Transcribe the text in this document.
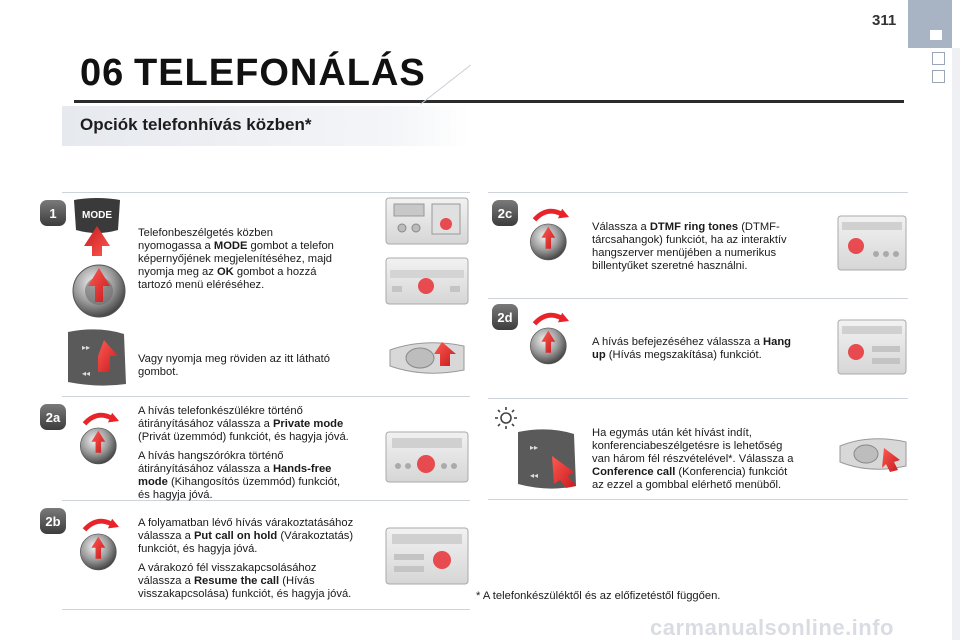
311
06 TELEFONÁLÁS
Opciók telefonhívás közben*
1	MODE
Telefonbeszélgetés közben
nyomogassa a MODE gombot a telefon
képernyőjének megjelenítéséhez, majd
nyomja meg az OK gombot a hozzá
tartozó menü eléréséhez.
▸▸
◂◂
Vagy nyomja meg röviden az itt látható
gombot.
2a	A hívás telefonkészülékre történő
átirányításához válassza a Private mode
(Privát üzemmód) funkciót, és hagyja jóvá.
A hívás hangszórókra történő
átirányításához válassza a Hands-free
mode (Kihangosítós üzemmód) funkciót,
és hagyja jóvá.
2b	A folyamatban lévő hívás várakoztatásához
válassza a Put call on hold (Várakoztatás)
funkciót, és hagyja jóvá.
A várakozó fél visszakapcsolásához
válassza a Resume the call (Hívás
visszakapcsolása) funkciót, és hagyja jóvá.
2c
Válassza a DTMF ring tones (DTMF-
tárcsahangok) funkciót, ha az interaktív
hangszerver menüjében a numerikus
billentyűket szeretné használni.
2d
A hívás befejezéséhez válassza a Hang
up (Hívás megszakítása) funkciót.
▸▸
◂◂
Ha egymás után két hívást indít,
konferenciabeszélgetésre is lehetőség
van három fél részvételével*. Válassza a
Conference call (Konferencia) funkciót
az ezzel a gombbal elérhető menüből.
* A telefonkészüléktől és az előfizetéstől függően.
carmanualsonline.info
